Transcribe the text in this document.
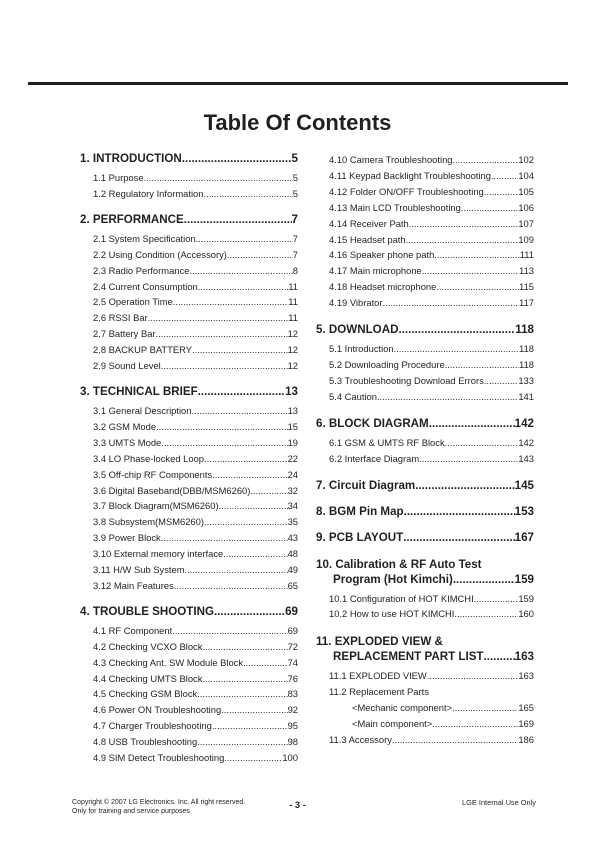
Table Of Contents
1. INTRODUCTION .....	5
1.1 Purpose .....	5
1.2 Regulatory Information .....	5
2. PERFORMANCE .....	7
2.1 System Specification .....	7
2.2 Using Condition (Accessory) .....	7
2.3 Radio Performance .....	8
2.4 Current Consumption .....	11
2.5 Operation Time .....	11
2.6 RSSI Bar .....	11
2.7 Battery Bar .....	12
2.8 BACKUP BATTERY .....	12
2.9 Sound Level .....	12
3. TECHNICAL BRIEF .....	13
3.1 General Description .....	13
3.2 GSM Mode .....	15
3.3 UMTS Mode .....	19
3.4 LO Phase-locked Loop .....	22
3.5 Off-chip RF Components .....	24
3.6 Digital Baseband(DBB/MSM6260) .....	32
3.7 Block Diagram(MSM6260) .....	34
3.8 Subsystem(MSM6260) .....	35
3.9 Power Block .....	43
3.10 External memory interface .....	48
3.11 H/W Sub System .....	49
3.12 Main Features .....	65
4. TROUBLE SHOOTING .....	69
4.1 RF Component .....	69
4.2 Checking VCXO Block .....	72
4.3 Checking Ant. SW Module Block .....	74
4.4 Checking UMTS Block .....	76
4.5 Checking GSM Block .....	83
4.6 Power ON Troubleshooting .....	92
4.7 Charger Troubleshooting .....	95
4.8 USB Troubleshooting .....	98
4.9 SIM Detect Troubleshooting .....	100
4.10 Camera Troubleshooting .....	102
4.11 Keypad Backlight Troubleshooting .....	104
4.12 Folder ON/OFF Troubleshooting .....	105
4.13 Main LCD Troubleshooting .....	106
4.14 Receiver Path .....	107
4.15 Headset path .....	109
4.16 Speaker phone path .....	111
4.17 Main microphone .....	113
4.18 Headset microphone .....	115
4.19 Vibrator .....	117
5. DOWNLOAD .....	118
5.1 Introduction .....	118
5.2 Downloading Procedure .....	118
5.3 Troubleshooting Download Errors .....	133
5.4 Caution .....	141
6. BLOCK DIAGRAM .....	142
6.1 GSM & UMTS RF Block .....	142
6.2 Interface Diagram .....	143
7. Circuit Diagram .....	145
8. BGM Pin Map .....	153
9. PCB LAYOUT .....	167
10. Calibration & RF Auto Test
Program (Hot Kimchi) .....	159
10.1 Configuration of HOT KIMCHI .....	159
10.2 How to use HOT KIMCHI .....	160
11. EXPLODED VIEW &
REPLACEMENT PART LIST .....	163
11.1 EXPLODED VIEW .....	163
11.2 Replacement Parts
<Mechanic component> .....	165
<Main component> .....	169
11.3 Accessory .....	186
Copyright © 2007 LG Electronics. Inc. All right reserved.
Only for training and service purposes
- 3 -	LGE Internal Use Only
